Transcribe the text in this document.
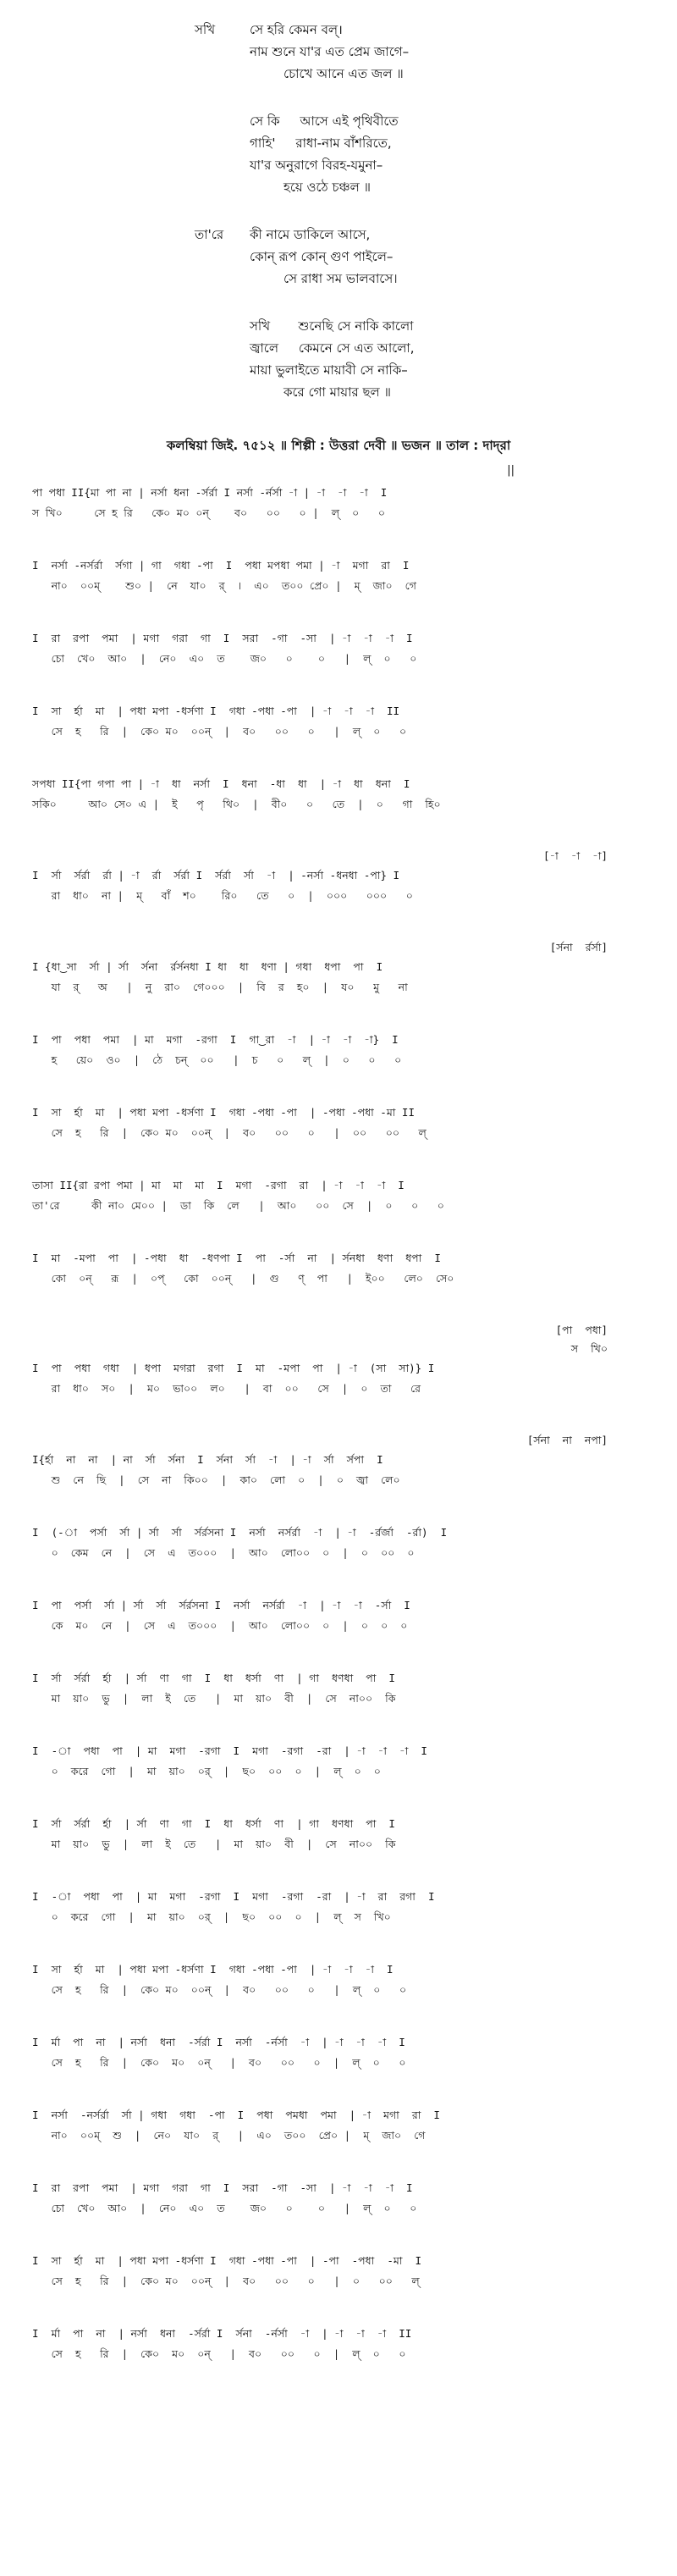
সখি	সে হরি কেমন বল্‌।
নাম শুনে যা'র এত প্রেম জাগে–
চোখে আনে এত জল ॥
সে কি     আসে এই পৃথিবীতে
গাহি'     রাধা-নাম বাঁশরিতে,
যা'র অনুরাগে বিরহ-যমুনা–
হয়ে ওঠে চঞ্চল ॥
তা'রে কী নামে ডাকিলে আসে,
কোন্‌ রূপ কোন্‌ গুণ পাইলে–
সে রাধা সম ভালবাসে।
সখি       শুনেছি সে নাকি কালো
জ্বালে     কেমনে সে এত আলো,
মায়া ভুলাইতে মায়াবী সে নাকি–
করে গো মায়ার ছল ॥
কলম্বিয়া জিই. ৭৫১২ ॥ শিল্পী : উত্তরা দেবী ॥ ভজন ॥ তাল : দাদ্‌রা
||
পা পধা II{মা পা না | নর্সা ধনা -র্সর্রা I নর্সা -র্নর্সা -া | -া  -া  -া  I
স খি০     সে হ রি   কে০ ম০ ০ন্    ব০   ০০   ০ |  ল্  ০   ০
I  নর্সা -নর্সর্রা  র্সগা | গা  গধা -পা  I  পধা মপধা পমা | -া  মগা  রা  I
না০  ০০ম্    শু০ |  নে  যা০  র্  ।  এ০  ত০০ প্রে০ |  ম্  জা০  গে
I  রা  রপা  পমা  | মগা  গরা  গা  I  সরা  -গা  -সা  | -া  -া  -া  I
চো  খে০  আ০  |  নে০  এ০  ত    জ০   ০    ০   |  ল্  ০   ০
I  সা  র্হা  মা  | পধা মপা -ধর্সণা I  গধা -পধা -পা  | -া  -া  -া  II
সে  হ   রি  |  কে০ ম০  ০০ন্  |  ব০   ০০   ০   |  ল্  ০   ০
সপধা II{পা গপা পা | -া  ধা  নর্সা  I  ধনা  -ধা  ধা  | -া  ধা  ধনা  I
সকি০     আ০ সে০ এ |  ই   পৃ   থি০  |  বী০   ০   তে  |  ০   গা  হি০
[-া  -া  -া]
I  র্সা  র্সর্রা  র্রা | -া  র্রা  র্সর্রা I  র্সর্রা  র্সা  -া  | -নর্সা -ধনধা -পা} I
রা  ধা০  না |  ম্   বাঁ  শ০    রি০   তে   ০  |  ০০০   ০০০   ০
[র্সনা  র্রর্সা]
I {ধা‿সা  র্সা | র্সা  র্সনা  র্রর্সনধা I ধা  ধা  ধণা | গধা  ধপা  পা  I
যা  র্   অ   |  নু  রা০  গে০০০  |  বি  র  হ০  |  য০   মু   না
I  পা  পধা  পমা  | মা  মগা  -রগা  I  গা‿রা  -া  | -া  -া  -া}  I
হ   য়ে০  ও০  |  ঠে  চন্  ০০   |  চ   ০   ল্  |  ০   ০   ০
I  সা  র্হা  মা  | পধা মপা -ধর্সণা I  গধা -পধা -পা  | -পধা -পধা -মা II
সে  হ   রি  |  কে০ ম০  ০০ন্  |  ব০   ০০   ০   |  ০০   ০০   ল্
তাসা II{রা রপা পমা | মা  মা  মা  I  মগা  -রগা  রা  | -া  -া  -া  I
তা'রে     কী না০ মে০০ |  ডা  কি  লে   |  আ০   ০০  সে  |  ০   ০   ০
I  মা  -মপা  পা  | -পধা  ধা  -ধণপা I  পা  -র্সা  না  | র্সনধা  ধণা  ধপা  I
কো  ০ন্   রূ  |  ০প্   কো  ০০ন্   |  গু   ণ্  পা   |  ই০০   লে০  সে০
[পা  পধা]
স  খি০
I  পা  পধা  গধা  | ধপা  মগরা  রগা  I  মা  -মপা  পা  | -া  (সা  সা)} I
রা  ধা০  স০  |  ম০  ভা০০  ল০   |  বা  ০০   সে  |  ০  তা   রে
[র্সনা  না  নপা]
I{র্হা  না  না  | না  র্সা  র্সনা  I  র্সনা  র্সা  -া  | -া  র্সা  র্সপা  I
শু  নে  ছি  |  সে  না  কি০০  |  কা০  লো  ০  |  ০  জ্বা  লে০
I  (-া  পর্সা  র্সা | র্সা  র্সা  র্সর্রসনা I  নর্সা  নর্সর্রা  -া  | -া  -র্রর্জা  -র্রা)  I
০  কেম  নে  |  সে  এ  ত০০০  |  আ০  লো০০  ০  |  ০  ০০  ০
I  পা  পর্সা  র্সা | র্সা  র্সা  র্সর্রসনা I  নর্সা  নর্সর্রা  -া  | -া  -া  -র্সা  I
কে  ম০  নে  |  সে  এ  ত০০০  |  আ০  লো০০  ০  |  ০  ০  ০
I  র্সা  র্সর্রা  র্হা  | র্সা  ণা  গা  I  ধা  ধর্সা  ণা  | গা  ধণধা  পা  I
মা  য়া০  ভু  |  লা  ই  তে   |  মা  য়া০  বী  |  সে  না০০  কি
I  -া  পধা  পা  | মা  মগা  -রগা  I  মগা  -রগা  -রা  | -া  -া  -া  I
০  করে  গো  |  মা  য়া০  ০র্  |  ছ০  ০০  ০  |  ল্  ০  ০
I  র্সা  র্সর্রা  র্হা  | র্সা  ণা  গা  I  ধা  ধর্সা  ণা  | গা  ধণধা  পা  I
মা  য়া০  ভু  |  লা  ই  তে   |  মা  য়া০  বী  |  সে  না০০  কি
I  -া  পধা  পা  | মা  মগা  -রগা  I  মগা  -রগা  -রা  | -া  রা  রগা  I
০  করে  গো  |  মা  য়া০  ০র্  |  ছ০  ০০  ০  |  ল্  স  খি০
I  সা  র্হা  মা  | পধা মপা -ধর্সণা I  গধা -পধা -পা  | -া  -া  -া  I
সে  হ   রি  |  কে০ ম০  ০০ন্  |  ব০   ০০   ০   |  ল্  ০   ০
I  র্মা  পা  না  | নর্সা  ধনা  -র্সর্রা I  নর্সা  -র্নর্সা  -া  | -া  -া  -া  I
সে  হ   রি  |  কে০  ম০  ০ন্   |  ব০   ০০   ০  |  ল্  ০   ০
I  নর্সা  -নর্সর্রা  র্সা | গধা  গধা  -পা  I  পধা  পমধা  পমা  | -া  মগা  রা  I
না০  ০০ম্  শু  |  নে০  যা০  র্   |  এ০  ত০০  প্রে০ |  ম্  জা০  গে
I  রা  রপা  পমা  | মগা  গরা  গা  I  সরা  -গা  -সা  | -া  -া  -া  I
চো  খে০  আ০  |  নে০  এ০  ত    জ০   ০    ০   |  ল্  ০   ০
I  সা  র্হা  মা  | পধা মপা -ধর্সণা I  গধা -পধা -পা  | -পা  -পধা  -মা  I
সে  হ   রি  |  কে০ ম০  ০০ন্  |  ব০   ০০   ০   |  ০   ০০   ল্
I  র্মা  পা  না  | নর্সা  ধনা  -র্সর্রা I  র্সনা  -র্নর্সা  -া  | -া  -া  -া  II
সে  হ   রি  |  কে০  ম০  ০ন্   |  ব০   ০০   ০  |  ল্  ০   ০
